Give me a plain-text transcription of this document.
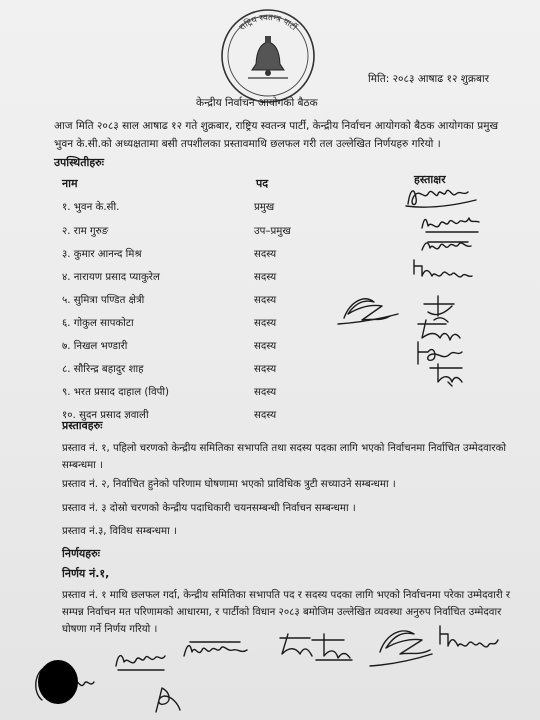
राष्ट्रिय स्वतन्त्र पार्टी
मिति: २०८३ आषाढ १२ शुक्रबार
केन्द्रीय निर्वाचन आयोगको बैठक
आज मिति २०८३ साल आषाढ १२ गते शुक्रबार, राष्ट्रिय स्वतन्त्र पार्टी, केन्द्रीय निर्वाचन आयोगको बैठक आयोगका प्रमुख भुवन के.सी.को अध्यक्षतामा बसी तपशीलका प्रस्तावमाथि छलफल गरी तल उल्लेखित निर्णयहरु गरियो ।
उपस्थितीहरुः
नाम	पद	हस्ताक्षर
१. भुवन के.सी.	प्रमुख
२. राम गुरुङ	उप–प्रमुख
३. कुमार आनन्द मिश्र	सदस्य
४. नारायण प्रसाद प्याकुरेल	सदस्य
५. सुमित्रा पण्डित क्षेत्री	सदस्य
६. गोकुल सापकोटा	सदस्य
७. निखल भण्डारी	सदस्य
८. सौरिन्द्र बहादुर शाह	सदस्य
९. भरत प्रसाद दाहाल (विपी)	सदस्य
१०. सुदन प्रसाद ज्ञवाली	सदस्य
प्रस्तावहरुः
प्रस्ताव नं. १, पहिलो चरणको केन्द्रीय समितिका सभापति तथा सदस्य पदका लागि भएको निर्वाचनमा निर्वाचित उम्मेदवारको सम्बन्धमा ।
प्रस्ताव नं. २, निर्वाचित हुनेको परिणाम घोषणामा भएको प्राविधिक त्रुटी सच्याउने सम्बन्धमा ।
प्रस्ताव नं. ३ दोस्रो चरणको केन्द्रीय पदाधिकारी चयनसम्बन्धी निर्वाचन सम्बन्धमा ।
प्रस्ताव नं.३, विविध सम्बन्धमा ।
निर्णयहरुः
निर्णय नं.१,
प्रस्ताव नं. १ माथि छलफल गर्दा, केन्द्रीय समितिका सभापति पद र सदस्य पदका लागि भएको निर्वाचनमा परेका उम्मेदवारी र सम्पन्न निर्वाचन मत परिणामको आधारमा, र पार्टीको विधान २०८३ बमोजिम उल्लेखित व्यवस्था अनुरुप निर्वाचित उम्मेदवार घोषणा गर्ने निर्णय गरियो ।
